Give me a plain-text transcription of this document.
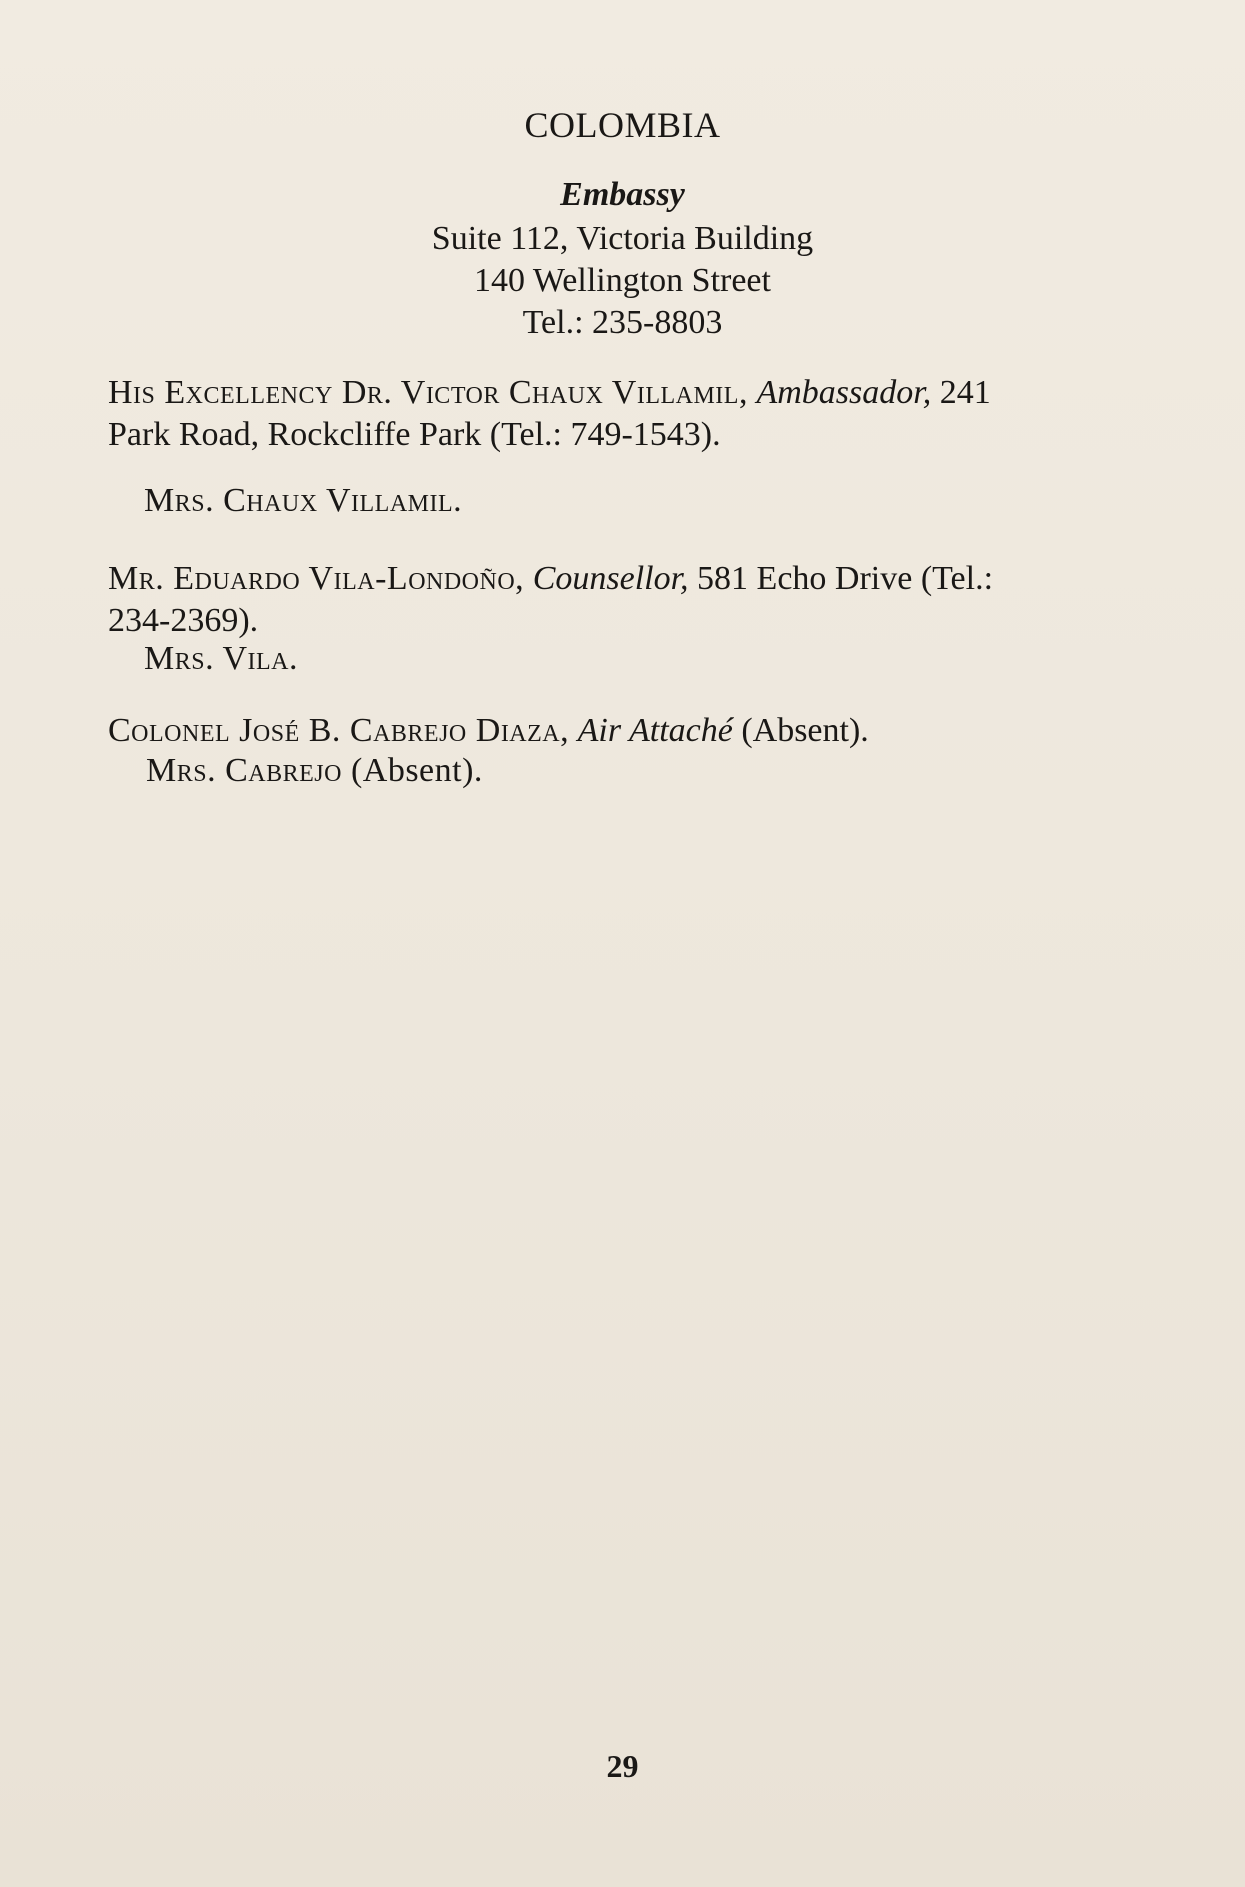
COLOMBIA
Embassy
Suite 112, Victoria Building
140 Wellington Street
Tel.: 235-8803
His Excellency Dr. Victor Chaux Villamil, Ambassador, 241 Park Road, Rockcliffe Park (Tel.: 749-1543).
Mrs. Chaux Villamil.
Mr. Eduardo Vila-Londoño, Counsellor, 581 Echo Drive (Tel.: 234-2369).
Mrs. Vila.
Colonel José B. Cabrejo Diaza, Air Attaché (Absent).
Mrs. Cabrejo (Absent).
29
